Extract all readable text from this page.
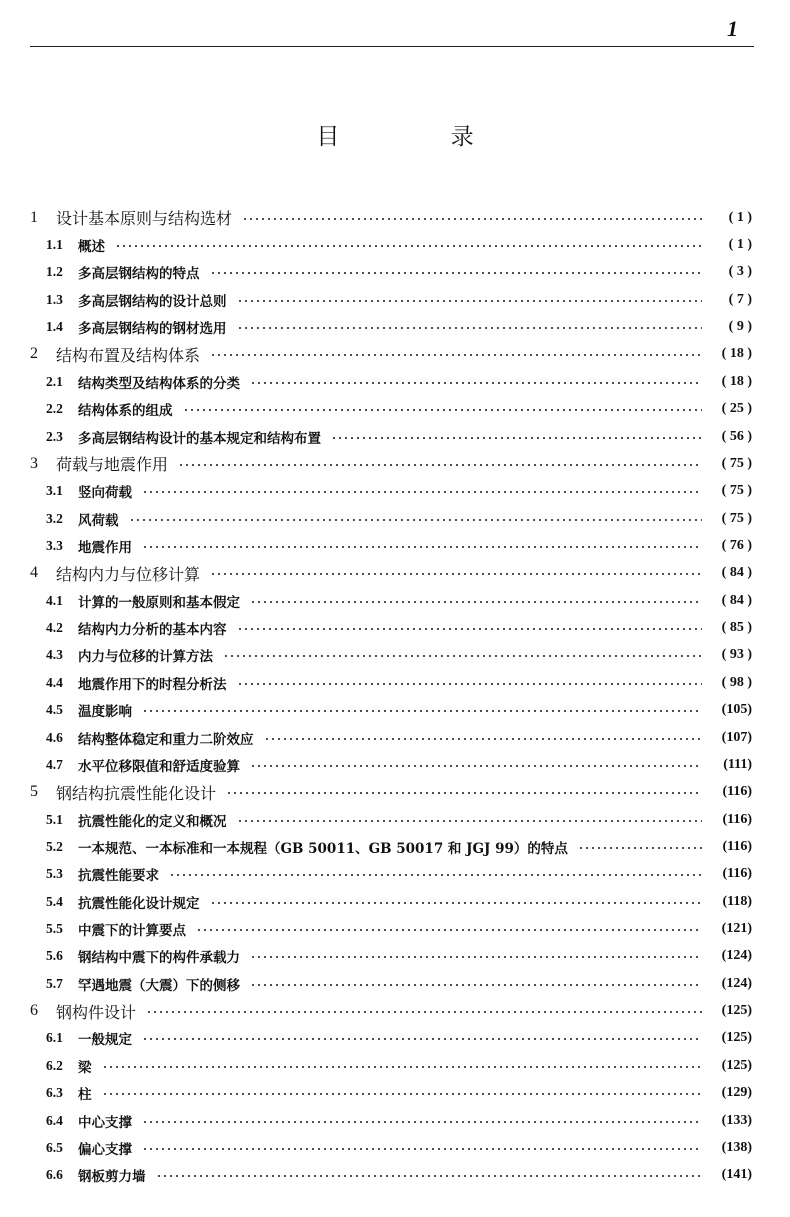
1
目 录
1	设计基本原则与结构选材	( 1 )
1.1	概述	( 1 )
1.2	多高层钢结构的特点	( 3 )
1.3	多高层钢结构的设计总则	( 7 )
1.4	多高层钢结构的钢材选用	( 9 )
2	结构布置及结构体系	( 18 )
2.1	结构类型及结构体系的分类	( 18 )
2.2	结构体系的组成	( 25 )
2.3	多高层钢结构设计的基本规定和结构布置	( 56 )
3	荷载与地震作用	( 75 )
3.1	竖向荷载	( 75 )
3.2	风荷载	( 75 )
3.3	地震作用	( 76 )
4	结构内力与位移计算	( 84 )
4.1	计算的一般原则和基本假定	( 84 )
4.2	结构内力分析的基本内容	( 85 )
4.3	内力与位移的计算方法	( 93 )
4.4	地震作用下的时程分析法	( 98 )
4.5	温度影响	(105)
4.6	结构整体稳定和重力二阶效应	(107)
4.7	水平位移限值和舒适度验算	(111)
5	钢结构抗震性能化设计	(116)
5.1	抗震性能化的定义和概况	(116)
5.2	一本规范、一本标准和一本规程（GB 50011、GB 50017 和 JGJ 99）的特点	(116)
5.3	抗震性能要求	(116)
5.4	抗震性能化设计规定	(118)
5.5	中震下的计算要点	(121)
5.6	钢结构中震下的构件承载力	(124)
5.7	罕遇地震（大震）下的侧移	(124)
6	钢构件设计	(125)
6.1	一般规定	(125)
6.2	梁	(125)
6.3	柱	(129)
6.4	中心支撑	(133)
6.5	偏心支撑	(138)
6.6	钢板剪力墙	(141)
